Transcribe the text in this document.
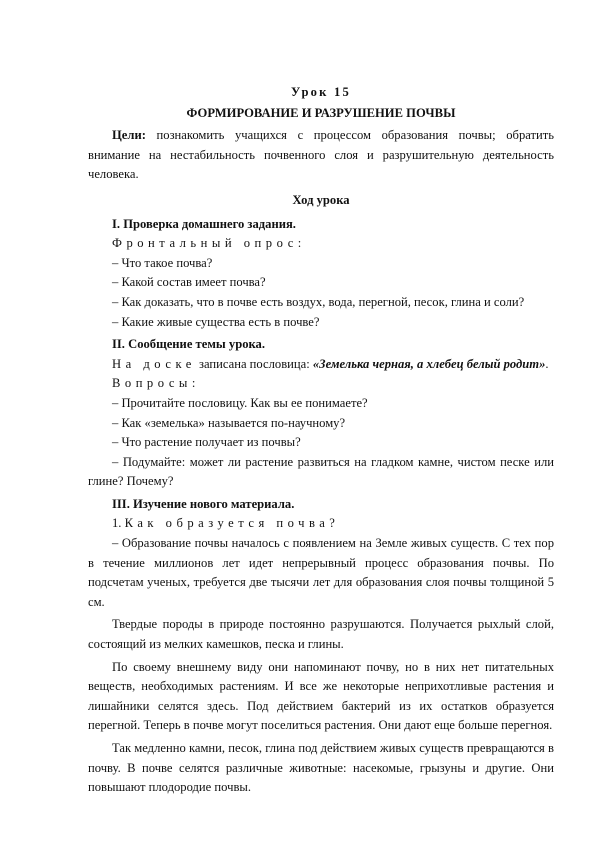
Урок 15
ФОРМИРОВАНИЕ И РАЗРУШЕНИЕ ПОЧВЫ

Цели: познакомить учащихся с процессом образования почвы; обратить внимание на нестабильность почвенного слоя и разрушительную деятельность человека.

Ход урока

I. Проверка домашнего задания.

Фронтальный опрос:

– Что такое почва?

– Какой состав имеет почва?

– Как доказать, что в почве есть воздух, вода, перегной, песок, глина и соли?

– Какие живые существа есть в почве?

II. Сообщение темы урока.

На доске записана пословица: «Земелька черная, а хлебец белый родит».

Вопросы:

– Прочитайте пословицу. Как вы ее понимаете?

– Как «земелька» называется по-научному?

– Что растение получает из почвы?

– Подумайте: может ли растение развиться на гладком камне, чистом песке или глине? Почему?

III. Изучение нового материала.

1. Как образуется почва?

– Образование почвы началось с появлением на Земле живых существ. С тех пор в течение миллионов лет идет непрерывный процесс образования почвы. По подсчетам ученых, требуется две тысячи лет для образования слоя почвы толщиной 5 см.

Твердые породы в природе постоянно разрушаются. Получается рыхлый слой, состоящий из мелких камешков, песка и глины.

По своему внешнему виду они напоминают почву, но в них нет питательных веществ, необходимых растениям. И все же некоторые неприхотливые растения и лишайники селятся здесь. Под действием бактерий из их остатков образуется перегной. Теперь в почве могут поселиться растения. Они дают еще больше перегноя.

Так медленно камни, песок, глина под действием живых существ превращаются в почву. В почве селятся различные животные: насекомые, грызуны и другие. Они повышают плодородие почвы.
